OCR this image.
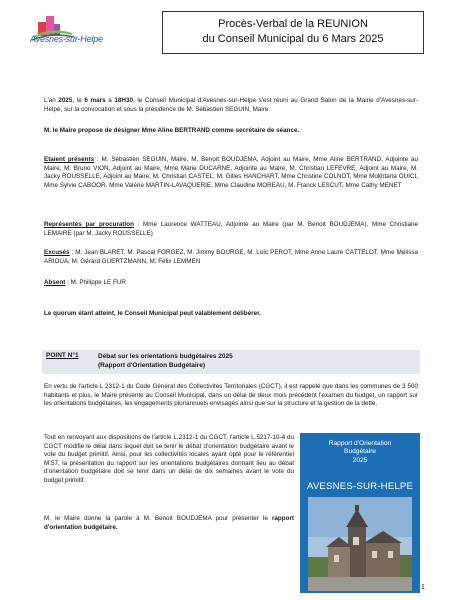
Avesnes-sur-Helpe
Procès-Verbal de la REUNION
du Conseil Municipal du 6 Mars 2025
L'an 2025, le 6 mars à 18H30, le Conseil Municipal d'Avesnes-sur-Helpe s'est réuni au Grand Salon de la Mairie d'Avesnes-sur-Helpe, sur la convocation et sous la présidence de M. Sébastien SEGUIN, Maire.
M. le Maire propose de désigner Mme Aline BERTRAND comme secrétaire de séance.
Etaient présents : M. Sébastien SEGUIN, Maire, M. Benoit BOUDJEMA, Adjoint au Maire, Mme Aline BERTRAND, Adjointe au Maire, M. Bruno VION, Adjoint au Maire, Mme Marie DUCARNE, Adjointe au Maire, M. Christian LEFEVRE, Adjoint au Maire, M. Jacky ROUSSELLE, Adjoint au Maire, M. Christian CASTEL, M. Gilles HANCHART, Mme Christine COLNOT, Mme Mokhtaria OUICI, Mme Sylvie CABOOR, Mme Valérie MARTIN-LAVAQUERIE, Mme Claudine MOREAU, M. Franck LESCUT, Mme Cathy MENET
Représentés par procuration : Mme Laurence WATTEAU, Adjointe au Maire (par M. Benoit BOUDJEMA), Mme Christiane LEMAIRE (par M. Jacky ROUSSELLE)
Excusés : M. Jean BLARET, M. Pascal FORGEZ, M. Jimmy BOURGE, M. Loïc PEROT, Mme Anne Laure CATTELOT, Mme Mélissa ARIOUA, M. Gérard GUERTZMANN, M. Félix LEMMEN
Absent : M. Philippe LE FUR
Le quorum étant atteint, le Conseil Municipal peut valablement délibérer.
POINT N°1	Débat sur les orientations budgétaires 2025
(Rapport d'Orientation Budgétaire)
En vertu de l'article L 2312-1 du Code Général des Collectivités Territoriales (CGCT), il est rappelé que dans les communes de 3 500 habitants et plus, le Maire présente au Conseil Municipal, dans un délai de deux mois précédent l'examen du budget, un rapport sur les orientations budgétaires, les engagements pluriannuels envisagés ainsi que sur la structure et la gestion de la dette.
Tout en renvoyant aux dispositions de l'article L.2312-1 du CGCT, l'article L.5217-10-4 du CGCT modifie le délai dans lequel doit se tenir le débat d'orientation budgétaire avant le vote du budget primitif. Ainsi, pour les collectivités locales ayant opté pour le référentiel M.57, la présentation du rapport sur les orientations budgétaires donnant lieu au débat d'orientation budgétaire doit se tenir dans un délai de dix semaines avant le vote du budget primitif.
M. le Maire donne la parole à M. Benoit BOUDJEMA pour présenter le rapport d'orientation budgétaire.
Rapport d'Orientation
Budgétaire
2025
AVESNES-SUR-HELPE
1
